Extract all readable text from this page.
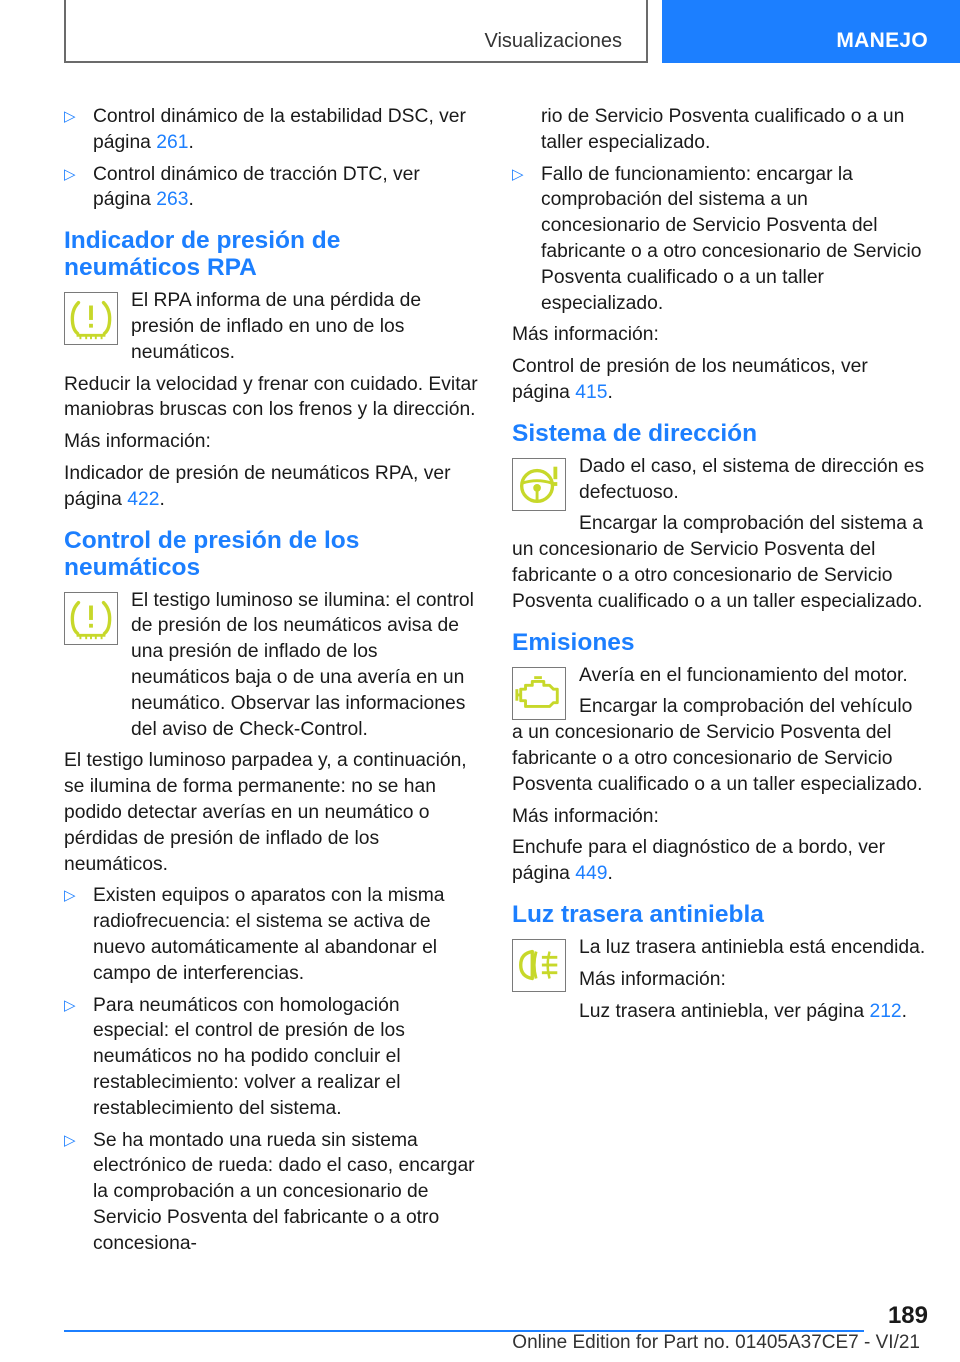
Visualizaciones	MANEJO
▷ Control dinámico de la estabilidad DSC, ver página 261.
▷ Control dinámico de tracción DTC, ver página 263.
Indicador de presión de neumáticos RPA

El RPA informa de una pérdida de presión de inflado en uno de los neumáticos.

Reducir la velocidad y frenar con cuidado. Evitar maniobras bruscas con los frenos y la dirección.

Más información:

Indicador de presión de neumáticos RPA, ver página 422.

Control de presión de los neumáticos

El testigo luminoso se ilumina: el control de presión de los neumáticos avisa de una presión de inflado de los neumáticos baja o de una avería en un neumático. Observar las informaciones del aviso de Check-Control.

El testigo luminoso parpadea y, a continuación, se ilumina de forma permanente: no se han podido detectar averías en un neumático o pérdidas de presión de inflado de los neumáticos.

▷ Existen equipos o aparatos con la misma radiofrecuencia: el sistema se activa de nuevo automáticamente al abandonar el campo de interferencias.
▷ Para neumáticos con homologación especial: el control de presión de los neumáticos no ha podido concluir el restablecimiento: volver a realizar el restablecimiento del sistema.
▷ Se ha montado una rueda sin sistema electrónico de rueda: dado el caso, encargar la comprobación a un concesionario de Servicio Posventa del fabricante o a otro concesiona-
rio de Servicio Posventa cualificado o a un taller especializado.
▷ Fallo de funcionamiento: encargar la comprobación del sistema a un concesionario de Servicio Posventa del fabricante o a otro concesionario de Servicio Posventa cualificado o a un taller especializado.

Más información:

Control de presión de los neumáticos, ver página 415.

Sistema de dirección

Dado el caso, el sistema de dirección es defectuoso.

Encargar la comprobación del sistema a un concesionario de Servicio Posventa del fabricante o a otro concesionario de Servicio Posventa cualificado o a un taller especializado.

Emisiones

Avería en el funcionamiento del motor.

Encargar la comprobación del vehículo a un concesionario de Servicio Posventa del fabricante o a otro concesionario de Servicio Posventa cualificado o a un taller especializado.

Más información:

Enchufe para el diagnóstico de a bordo, ver página 449.

Luz trasera antiniebla

La luz trasera antiniebla está encendida.

Más información:

Luz trasera antiniebla, ver página 212.

189
Online Edition for Part no. 01405A37CE7 - VI/21
